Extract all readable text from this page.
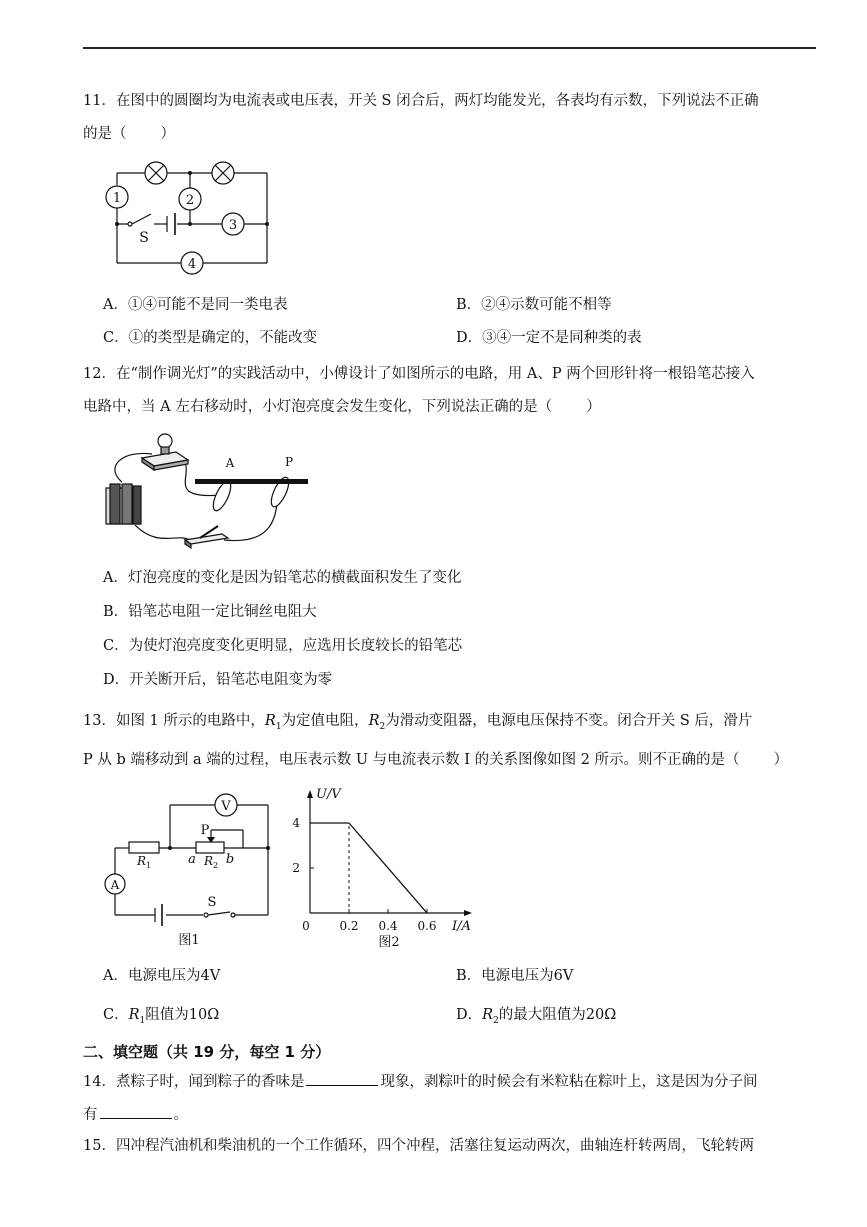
11．在图中的圆圈均为电流表或电压表，开关 S 闭合后，两灯均能发光，各表均有示数，下列说法不正确
的是（ ）
1	2
3
4
S
A．①④可能不是同一类电表	B．②④示数可能不相等
C．①的类型是确定的，不能改变	D．③④一定不是同种类的表
12．在“制作调光灯”的实践活动中，小傅设计了如图所示的电路，用 A、P 两个回形针将一根铅笔芯接入
电路中，当 A 左右移动时，小灯泡亮度会发生变化，下列说法正确的是（ ）
A	P
A．灯泡亮度的变化是因为铅笔芯的横截面积发生了变化
B．铅笔芯电阻一定比铜丝电阻大
C．为使灯泡亮度变化更明显，应选用长度较长的铅笔芯
D．开关断开后，铅笔芯电阻变为零
13．如图 1 所示的电路中，$R_1$为定值电阻，$R_2$为滑动变阻器，电源电压保持不变。闭合开关 S 后，滑片
P 从 b 端移动到 a 端的过程，电压表示数 U 与电流表示数 I 的关系图像如图 2 所示。则不正确的是（ ）
V
A
P
a b
S
图1
$R_1$	$R_2$
4
2
0.2 0.4 0.6
U/V
I/A
0
图2
A．电源电压为4V	B．电源电压为6V
C．$R_1$阻值为10Ω	D．$R_2$的最大阻值为20Ω
二、填空题（共 19 分，每空 1 分）
14．煮粽子时，闻到粽子的香味是	现象，剥粽叶的时候会有米粒粘在粽叶上，这是因为分子间
有	。
15．四冲程汽油机和柴油机的一个工作循环，四个冲程，活塞往复运动两次，曲轴连杆转两周，飞轮转两
